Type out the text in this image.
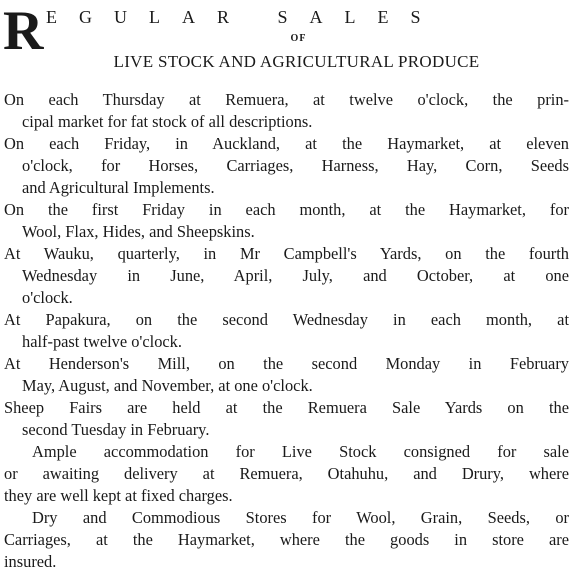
R EGULAR SALES
OF
LIVE STOCK AND AGRICULTURAL PRODUCE

On each Thursday at Remuera, at twelve o'clock, the prin-
cipal market for fat stock of all descriptions.

On each Friday, in Auckland, at the Haymarket, at eleven
o'clock, for Horses, Carriages, Harness, Hay, Corn, Seeds
and Agricultural Implements.

On the first Friday in each month, at the Haymarket, for
Wool, Flax, Hides, and Sheepskins.

At Wauku, quarterly, in Mr Campbell's Yards, on the fourth
Wednesday in June, April, July, and October, at one
o'clock.

At Papakura, on the second Wednesday in each month, at
half-past twelve o'clock.

At Henderson's Mill, on the second Monday in February
May, August, and November, at one o'clock.

Sheep Fairs are held at the Remuera Sale Yards on the
second Tuesday in February.

Ample accommodation for Live Stock consigned for sale
or awaiting delivery at Remuera, Otahuhu, and Drury, where
they are well kept at fixed charges.

Dry and Commodious Stores for Wool, Grain, Seeds, or
Carriages, at the Haymarket, where the goods in store are
insured.
